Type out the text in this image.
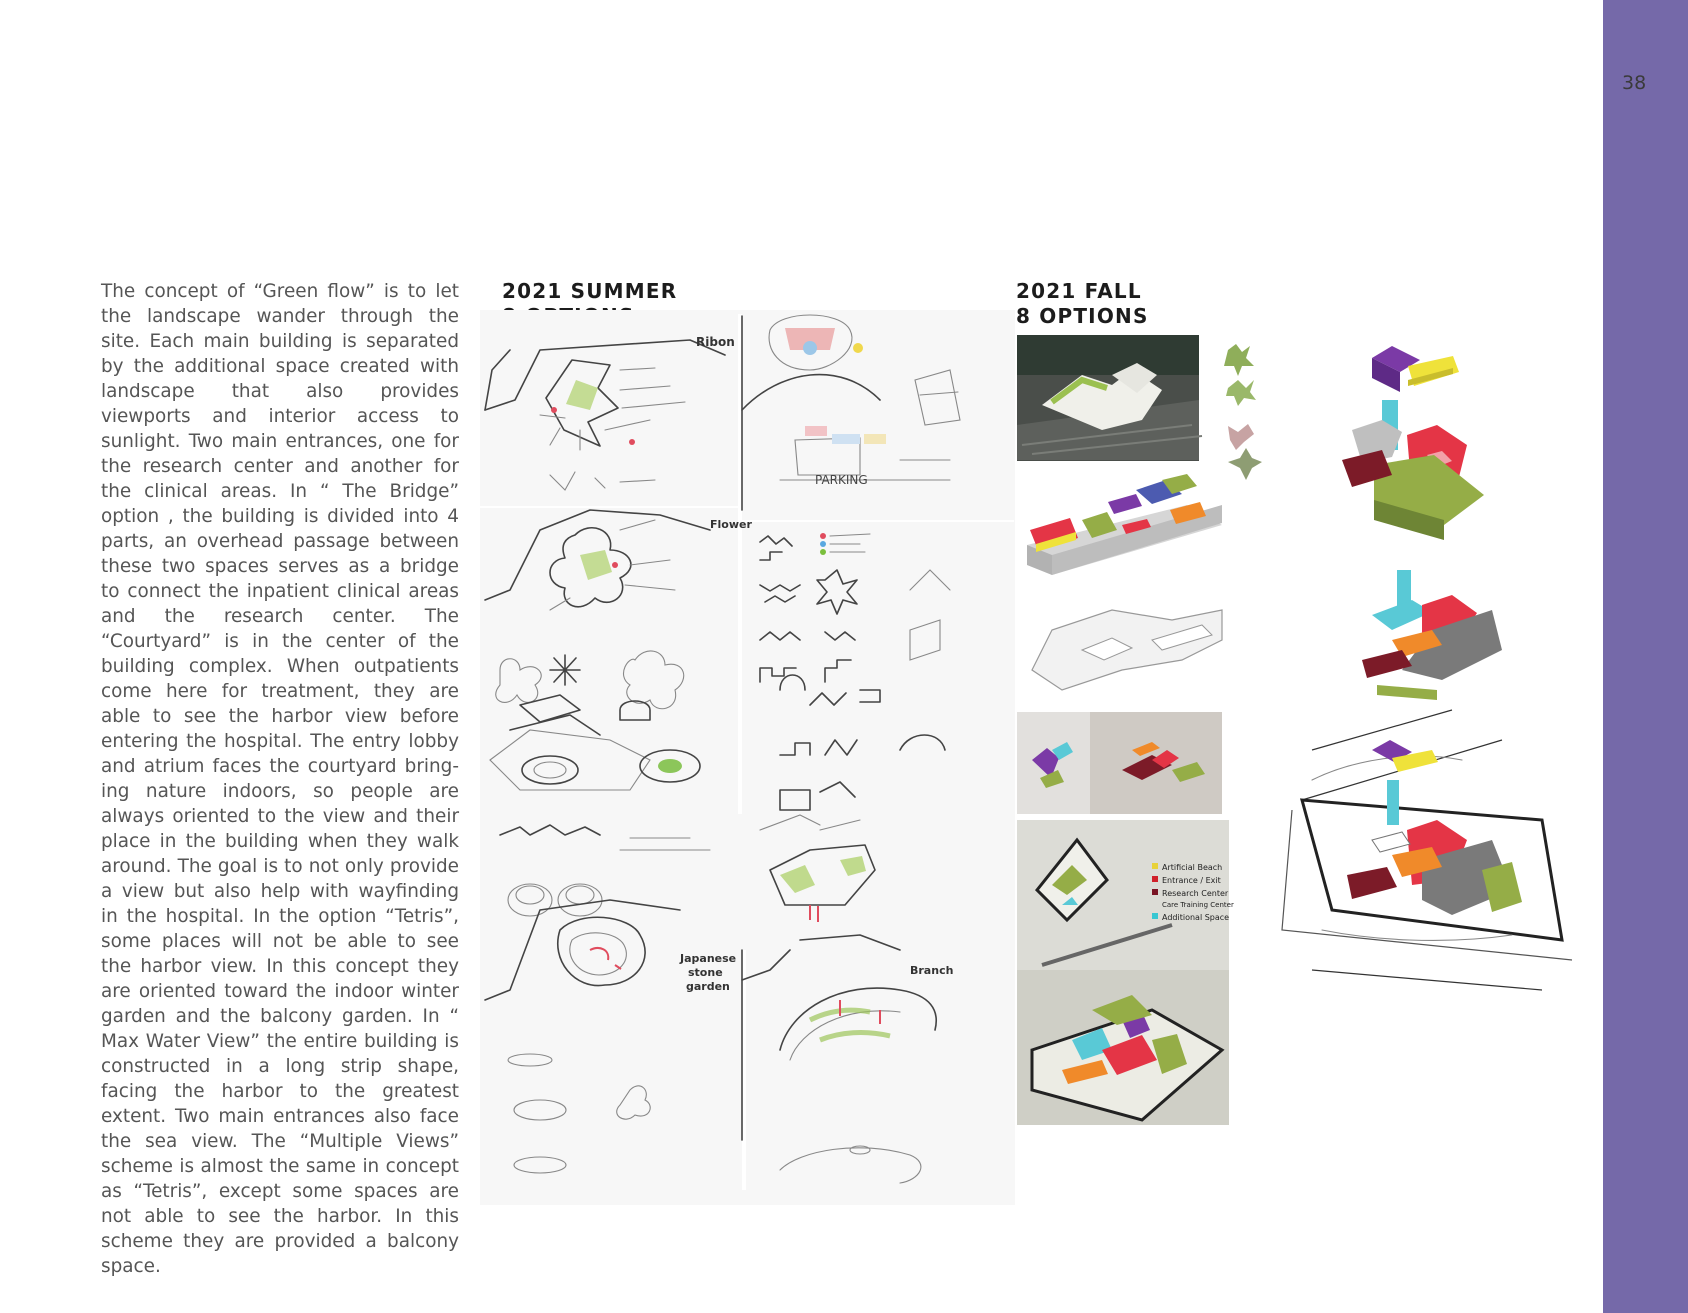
38

The concept of “Green flow” is to let the landscape wander through the site. Each main building is separated by the additional space created with landscape that also provides viewports and interior access to sunlight. Two main entrances, one for the research center and another for the clinical areas. In “ The Bridge” option , the building is divided into 4 parts, an overhead passage between these two spaces serves as a bridge to connect the inpatient clinical areas and the research center. The “Courtyard” is in the center of the building complex. When outpatients come here for treatment, they are able to see the harbor view before entering the hospital. The entry lobby and atrium faces the courtyard bringing nature indoors, so people are always oriented to the view and their place in the building when they walk around. The goal is to not only provide a view but also help with wayfinding in the hospital. In the option “Tetris”, some places will not be able to see the harbor view. In this concept they are oriented toward the indoor winter garden and the balcony garden. In “ Max Water View” the entire building is constructed in a long strip shape, facing the harbor to the greatest extent. Two main entrances also face the sea view. The “Multiple Views” scheme is almost the same in concept as “Tetris”, except some spaces are not able to see the harbor. In this scheme they are provided a balcony space.

2021 SUMMER	2021 FALL
8 OPTIONS
Ribon
PARKING
Flower
Japanese
stone
garden
Branch
Artificial Beach
Entrance / Exit
Research Center
Care Training Center
Additional Space
